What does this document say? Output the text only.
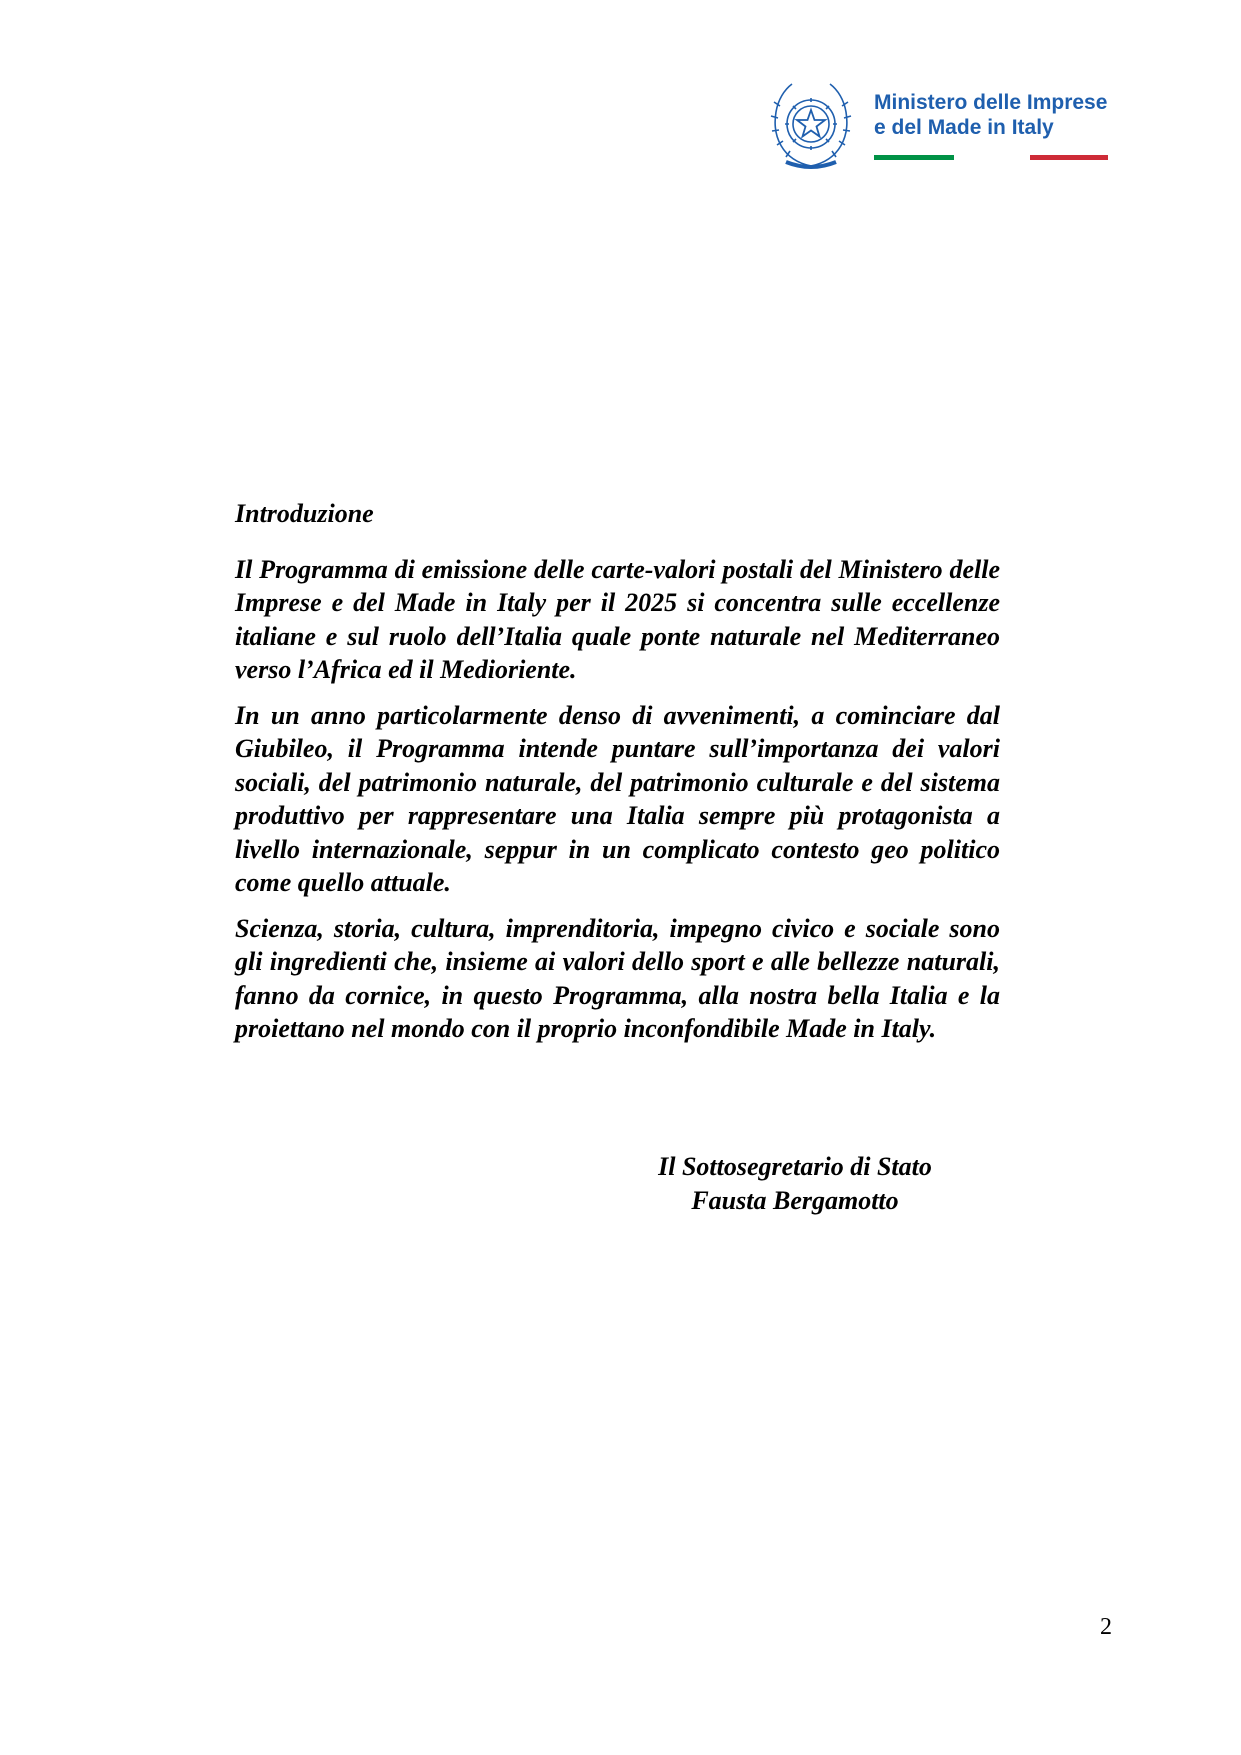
Ministero delle Imprese
e del Made in Italy
Introduzione

Il Programma di emissione delle carte-valori postali del Ministero delle Imprese e del Made in Italy per il 2025 si concentra sulle eccellenze italiane e sul ruolo dell’Italia quale ponte naturale nel Mediterraneo verso l’Africa ed il Medioriente.

In un anno particolarmente denso di avvenimenti, a cominciare dal Giubileo, il Programma intende puntare sull’importanza dei valori sociali, del patrimonio naturale, del patrimonio culturale e del sistema produttivo per rappresentare una Italia sempre più protagonista a livello internazionale, seppur in un complicato contesto geo politico come quello attuale.

Scienza, storia, cultura, imprenditoria, impegno civico e sociale sono gli ingredienti che, insieme ai valori dello sport e alle bellezze naturali, fanno da cornice, in questo Programma, alla nostra bella Italia e la proiettano nel mondo con il proprio inconfondibile Made in Italy.

Il Sottosegretario di Stato
Fausta Bergamotto
2
